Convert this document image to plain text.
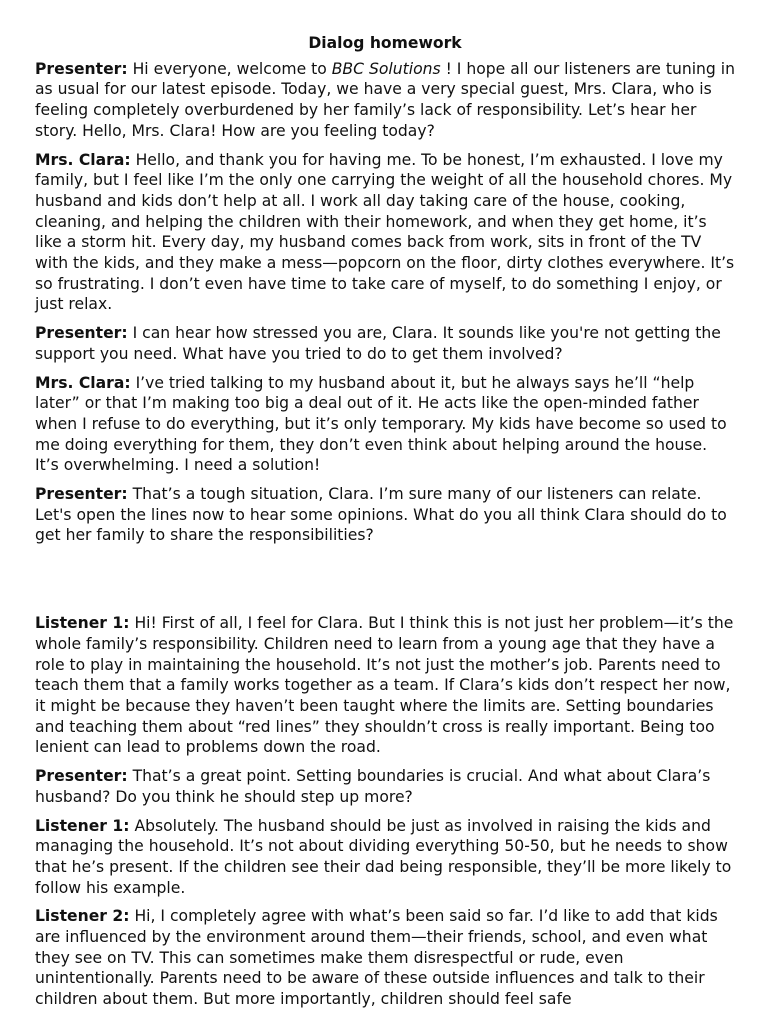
Dialog homework

Presenter: Hi everyone, welcome to BBC Solutions ! I hope all our listeners are tuning in as usual for our latest episode. Today, we have a very special guest, Mrs. Clara, who is feeling completely overburdened by her family’s lack of responsibility. Let’s hear her story. Hello, Mrs. Clara! How are you feeling today?

Mrs. Clara: Hello, and thank you for having me. To be honest, I’m exhausted. I love my family, but I feel like I’m the only one carrying the weight of all the household chores. My husband and kids don’t help at all. I work all day taking care of the house, cooking, cleaning, and helping the children with their homework, and when they get home, it’s like a storm hit. Every day, my husband comes back from work, sits in front of the TV with the kids, and they make a mess—popcorn on the floor, dirty clothes everywhere. It’s so frustrating. I don’t even have time to take care of myself, to do something I enjoy, or just relax.

Presenter: I can hear how stressed you are, Clara. It sounds like you're not getting the support you need. What have you tried to do to get them involved?

Mrs. Clara: I’ve tried talking to my husband about it, but he always says he’ll “help later” or that I’m making too big a deal out of it. He acts like the open-minded father when I refuse to do everything, but it’s only temporary. My kids have become so used to me doing everything for them, they don’t even think about helping around the house. It’s overwhelming. I need a solution!

Presenter: That’s a tough situation, Clara. I’m sure many of our listeners can relate. Let's open the lines now to hear some opinions. What do you all think Clara should do to get her family to share the responsibilities?

Listener 1: Hi! First of all, I feel for Clara. But I think this is not just her problem—it’s the whole family’s responsibility. Children need to learn from a young age that they have a role to play in maintaining the household. It’s not just the mother’s job. Parents need to teach them that a family works together as a team. If Clara’s kids don’t respect her now, it might be because they haven’t been taught where the limits are. Setting boundaries and teaching them about “red lines” they shouldn’t cross is really important. Being too lenient can lead to problems down the road.

Presenter: That’s a great point. Setting boundaries is crucial. And what about Clara’s husband? Do you think he should step up more?

Listener 1: Absolutely. The husband should be just as involved in raising the kids and managing the household. It’s not about dividing everything 50-50, but he needs to show that he’s present. If the children see their dad being responsible, they’ll be more likely to follow his example.

Listener 2: Hi, I completely agree with what’s been said so far. I’d like to add that kids are influenced by the environment around them—their friends, school, and even what they see on TV. This can sometimes make them disrespectful or rude, even unintentionally. Parents need to be aware of these outside influences and talk to their children about them. But more importantly, children should feel safe
